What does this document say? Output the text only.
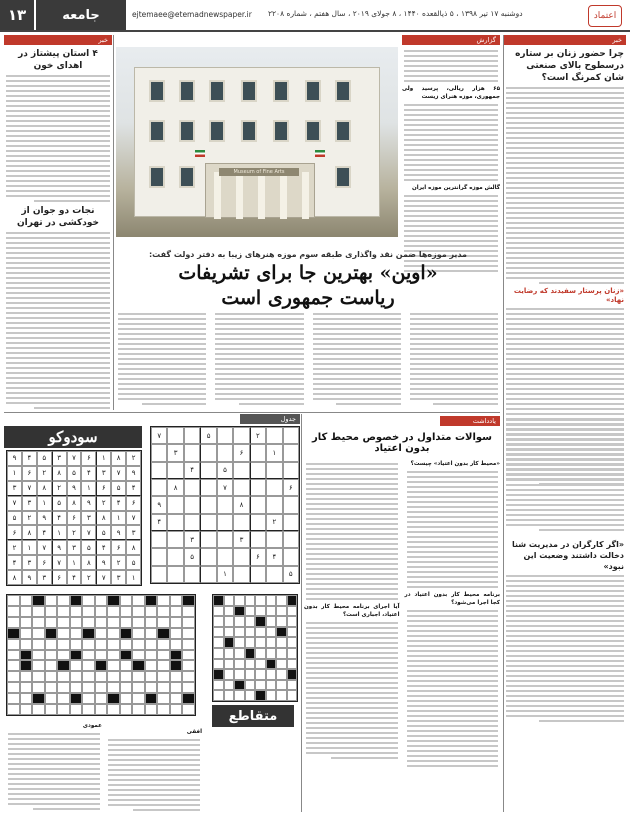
۱۳	جامعه	ejtemaee@etemadnewspaper.ir دوشنبه ۱۷ تیر ۱۳۹۸ ، ۵ ذیالقعده ۱۴۴۰ ، ۸ جولای ۲۰۱۹ ، سال هفتم ، شماره ۲۲۰۸	اعتماد
خبر
چرا حضور زنان بر ستاره درسطوح بالای صنعتی شان کمرنگ است؟
«زنان پرستار سفیدند که رضایت نهاد»
خبر
۴ استان پیشتاز در اهدای خون
نجات دو جوان از خودکشی در تهران
گزارش
Museum of Fine Arts
۶۵ هزار ریالی، پرسید ولی جمهوری، موزه هنرای زیست
گالش موزه گرانترین موزه ایران
مدیر موزه‌ها ضمن نقد واگذاری طبقه سوم موزه هنرهای زیبا به دفتر دولت گفت:
«اوین» بهترین جا برای تشریفات
ریاست جمهوری است
جدول
سودوکو
۲
۸
۱
۶
۷
۳
۵
۴
۹
۹
۷
۳
۴
۵
۸
۲
۶
۱
۴
۵
۶
۱
۹
۲
۸
۷
۳
۶
۴
۲
۹
۸
۵
۱
۳
۷
۷
۱
۸
۳
۶
۴
۹
۲
۵
۳
۹
۵
۷
۲
۱
۴
۸
۶
۸
۶
۴
۵
۳
۹
۷
۱
۲
۵
۲
۹
۸
۱
۷
۶
۳
۴
۱
۳
۷
۲
۴
۶
۳
۹
۸
۲
۵
۷
۱
۶
۳
۵
۴
۶
۷
۸
۸
۹
۲
۴
۳
۳
۴
۶
۵
۵
۱
متقاطع
افقی
عمودی
یادداشت
سوالات متداول در خصوص محیط کار بدون اعتیاد
«محیط کار بدون اعتیاد» چیست؟
برنامه محیط کار بدون اعتیاد در کجا اجرا می‌شود؟
آیا اجرای برنامه محیط کار بدون اعتیاد، اجباری است؟
«اگر کارگران در مدیریت شنا دخالت داشتند وضعیت این نبود»
